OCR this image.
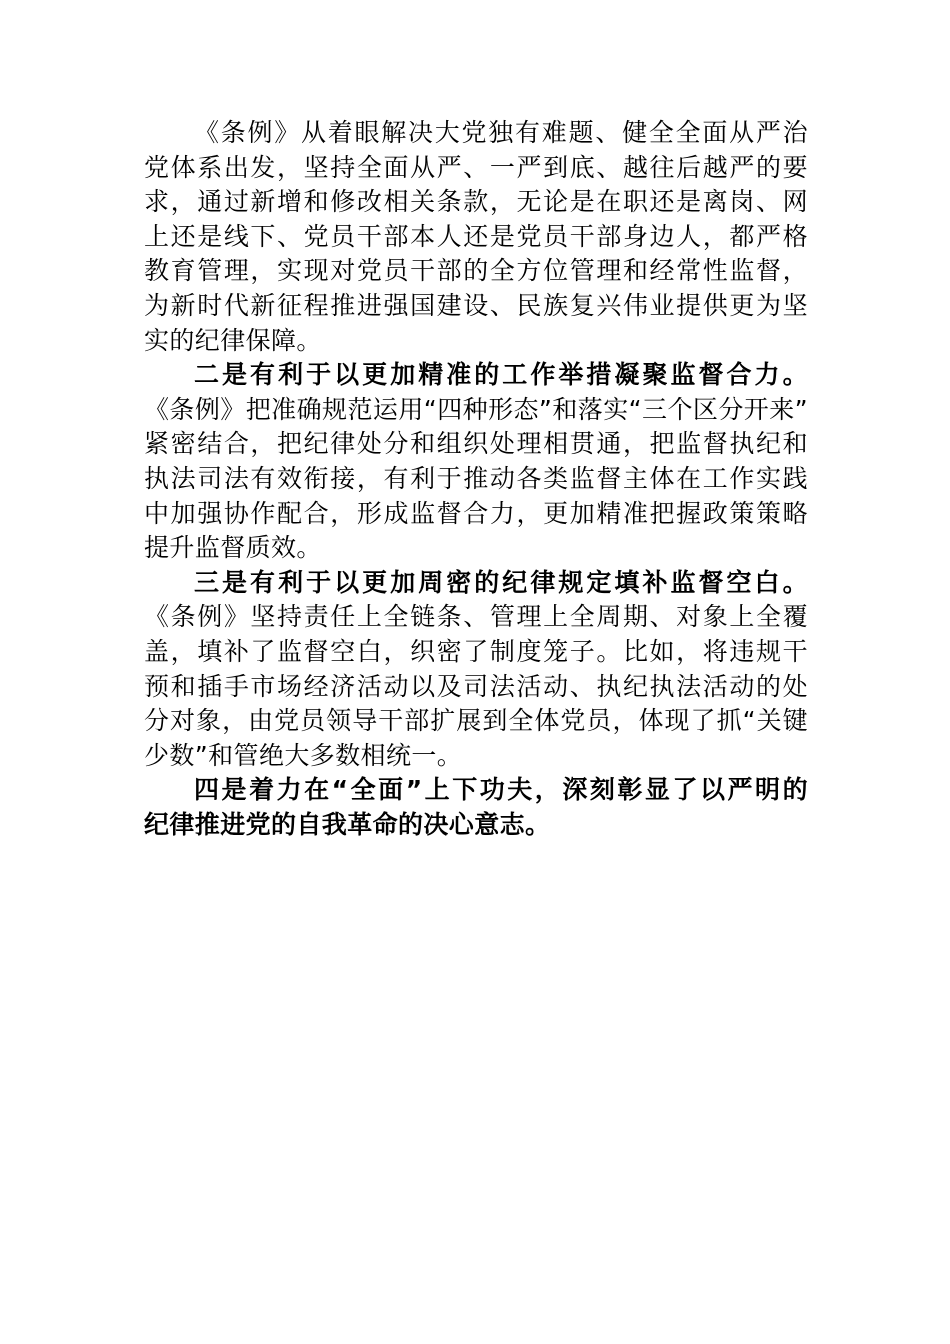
《条例》从着眼解决大党独有难题、健全全面从严治
党体系出发，坚持全面从严、一严到底、越往后越严的要
求，通过新增和修改相关条款，无论是在职还是离岗、网
上还是线下、党员干部本人还是党员干部身边人，都严格
教育管理，实现对党员干部的全方位管理和经常性监督，
为新时代新征程推进强国建设、民族复兴伟业提供更为坚
实的纪律保障。
二是有利于以更加精准的工作举措凝聚监督合力。
《条例》把准确规范运用“四种形态”和落实“三个区分开来”
紧密结合，把纪律处分和组织处理相贯通，把监督执纪和
执法司法有效衔接，有利于推动各类监督主体在工作实践
中加强协作配合，形成监督合力，更加精准把握政策策略
提升监督质效。
三是有利于以更加周密的纪律规定填补监督空白。
《条例》坚持责任上全链条、管理上全周期、对象上全覆
盖，填补了监督空白，织密了制度笼子。比如，将违规干
预和插手市场经济活动以及司法活动、执纪执法活动的处
分对象，由党员领导干部扩展到全体党员，体现了抓“关键
少数”和管绝大多数相统一。
四是着力在“全面”上下功夫，深刻彰显了以严明的
纪律推进党的自我革命的决心意志。
